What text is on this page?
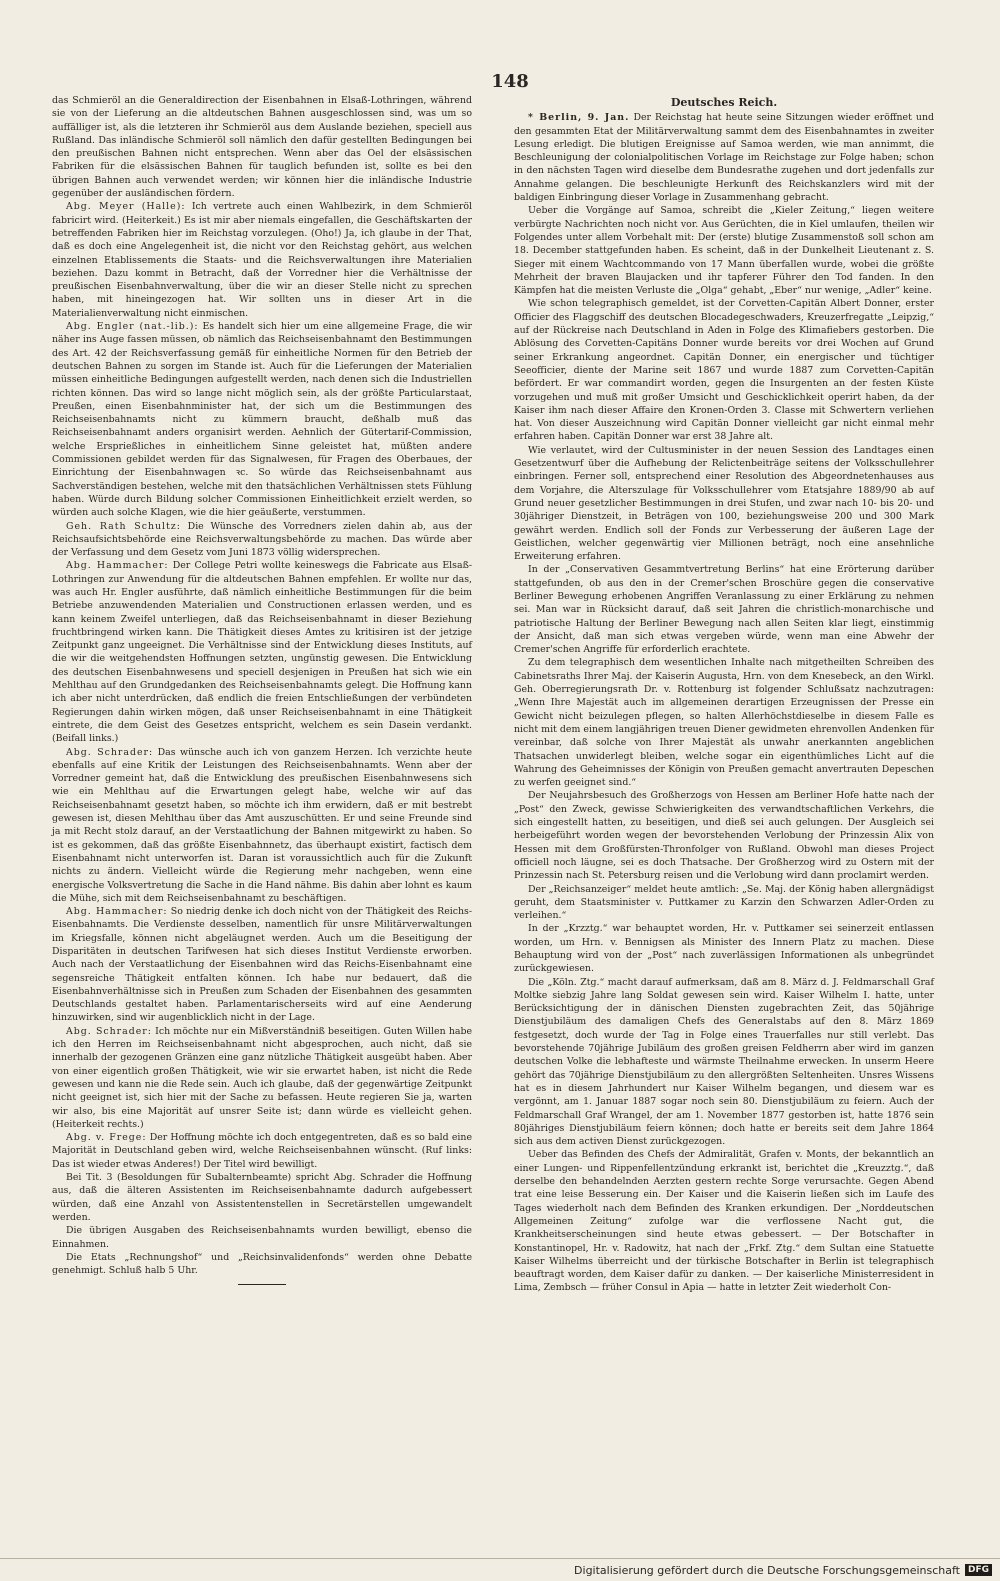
148

das Schmieröl an die Generaldirection der Eisenbahnen in Elsaß-Lothringen, während sie von der Lieferung an die altdeutschen Bahnen ausgeschlossen sind, was um so auffälliger ist, als die letzteren ihr Schmieröl aus dem Auslande beziehen, speciell aus Rußland. Das inländische Schmieröl soll nämlich den dafür gestellten Bedingungen bei den preußischen Bahnen nicht entsprechen. Wenn aber das Oel der elsässischen Fabriken für die elsässischen Bahnen für tauglich befunden ist, sollte es bei den übrigen Bahnen auch verwendet werden; wir können hier die inländische Industrie gegenüber der ausländischen fördern.

Abg. Meyer (Halle): Ich vertrete auch einen Wahlbezirk, in dem Schmieröl fabricirt wird. (Heiterkeit.) Es ist mir aber niemals eingefallen, die Geschäftskarten der betreffenden Fabriken hier im Reichstag vorzulegen. (Oho!) Ja, ich glaube in der That, daß es doch eine Angelegenheit ist, die nicht vor den Reichstag gehört, aus welchen einzelnen Etablissements die Staats- und die Reichsverwaltungen ihre Materialien beziehen. Dazu kommt in Betracht, daß der Vorredner hier die Verhältnisse der preußischen Eisenbahnverwaltung, über die wir an dieser Stelle nicht zu sprechen haben, mit hineingezogen hat. Wir sollten uns in dieser Art in die Materialienverwaltung nicht einmischen.

Abg. Engler (nat.-lib.): Es handelt sich hier um eine allgemeine Frage, die wir näher ins Auge fassen müssen, ob nämlich das Reichseisenbahnamt den Bestimmungen des Art. 42 der Reichsverfassung gemäß für einheitliche Normen für den Betrieb der deutschen Bahnen zu sorgen im Stande ist. Auch für die Lieferungen der Materialien müssen einheitliche Bedingungen aufgestellt werden, nach denen sich die Industriellen richten können. Das wird so lange nicht möglich sein, als der größte Particularstaat, Preußen, einen Eisenbahnminister hat, der sich um die Bestimmungen des Reichseisenbahnamts nicht zu kümmern braucht, deßhalb muß das Reichseisenbahnamt anders organisirt werden. Aehnlich der Gütertarif-Commission, welche Ersprießliches in einheitlichem Sinne geleistet hat, müßten andere Commissionen gebildet werden für das Signalwesen, für Fragen des Oberbaues, der Einrichtung der Eisenbahnwagen ꝛc. So würde das Reichseisenbahnamt aus Sachverständigen bestehen, welche mit den thatsächlichen Verhältnissen stets Fühlung haben. Würde durch Bildung solcher Commissionen Einheitlichkeit erzielt werden, so würden auch solche Klagen, wie die hier geäußerte, verstummen.

Geh. Rath Schultz: Die Wünsche des Vorredners zielen dahin ab, aus der Reichsaufsichtsbehörde eine Reichsverwaltungsbehörde zu machen. Das würde aber der Verfassung und dem Gesetz vom Juni 1873 völlig widersprechen.

Abg. Hammacher: Der College Petri wollte keineswegs die Fabricate aus Elsaß-Lothringen zur Anwendung für die altdeutschen Bahnen empfehlen. Er wollte nur das, was auch Hr. Engler ausführte, daß nämlich einheitliche Bestimmungen für die beim Betriebe anzuwendenden Materialien und Constructionen erlassen werden, und es kann keinem Zweifel unterliegen, daß das Reichseisenbahnamt in dieser Beziehung fruchtbringend wirken kann. Die Thätigkeit dieses Amtes zu kritisiren ist der jetzige Zeitpunkt ganz ungeeignet. Die Verhältnisse sind der Entwicklung dieses Instituts, auf die wir die weitgehendsten Hoffnungen setzten, ungünstig gewesen. Die Entwicklung des deutschen Eisenbahnwesens und speciell desjenigen in Preußen hat sich wie ein Mehlthau auf den Grundgedanken des Reichseisenbahnamts gelegt. Die Hoffnung kann ich aber nicht unterdrücken, daß endlich die freien Entschließungen der verbündeten Regierungen dahin wirken mögen, daß unser Reichseisenbahnamt in eine Thätigkeit eintrete, die dem Geist des Gesetzes entspricht, welchem es sein Dasein verdankt. (Beifall links.)

Abg. Schrader: Das wünsche auch ich von ganzem Herzen. Ich verzichte heute ebenfalls auf eine Kritik der Leistungen des Reichseisenbahnamts. Wenn aber der Vorredner gemeint hat, daß die Entwicklung des preußischen Eisenbahnwesens sich wie ein Mehlthau auf die Erwartungen gelegt habe, welche wir auf das Reichseisenbahnamt gesetzt haben, so möchte ich ihm erwidern, daß er mit bestrebt gewesen ist, diesen Mehlthau über das Amt auszuschütten. Er und seine Freunde sind ja mit Recht stolz darauf, an der Verstaatlichung der Bahnen mitgewirkt zu haben. So ist es gekommen, daß das größte Eisenbahnnetz, das überhaupt existirt, factisch dem Eisenbahnamt nicht unterworfen ist. Daran ist voraussichtlich auch für die Zukunft nichts zu ändern. Vielleicht würde die Regierung mehr nachgeben, wenn eine energische Volksvertretung die Sache in die Hand nähme. Bis dahin aber lohnt es kaum die Mühe, sich mit dem Reichseisenbahnamt zu beschäftigen.

Abg. Hammacher: So niedrig denke ich doch nicht von der Thätigkeit des Reichs-Eisenbahnamts. Die Verdienste desselben, namentlich für unsre Militärverwaltungen im Kriegsfalle, können nicht abgeläugnet werden. Auch um die Beseitigung der Disparitäten in deutschen Tarifwesen hat sich dieses Institut Verdienste erworben. Auch nach der Verstaatlichung der Eisenbahnen wird das Reichs-Eisenbahnamt eine segensreiche Thätigkeit entfalten können. Ich habe nur bedauert, daß die Eisenbahnverhältnisse sich in Preußen zum Schaden der Eisenbahnen des gesammten Deutschlands gestaltet haben. Parlamentarischerseits wird auf eine Aenderung hinzuwirken, sind wir augenblicklich nicht in der Lage.

Abg. Schrader: Ich möchte nur ein Mißverständniß beseitigen. Guten Willen habe ich den Herren im Reichseisenbahnamt nicht abgesprochen, auch nicht, daß sie innerhalb der gezogenen Gränzen eine ganz nützliche Thätigkeit ausgeübt haben. Aber von einer eigentlich großen Thätigkeit, wie wir sie erwartet haben, ist nicht die Rede gewesen und kann nie die Rede sein. Auch ich glaube, daß der gegenwärtige Zeitpunkt nicht geeignet ist, sich hier mit der Sache zu befassen. Heute regieren Sie ja, warten wir also, bis eine Majorität auf unsrer Seite ist; dann würde es vielleicht gehen. (Heiterkeit rechts.)

Abg. v. Frege: Der Hoffnung möchte ich doch entgegentreten, daß es so bald eine Majorität in Deutschland geben wird, welche Reichseisenbahnen wünscht. (Ruf links: Das ist wieder etwas Anderes!) Der Titel wird bewilligt.

Bei Tit. 3 (Besoldungen für Subalternbeamte) spricht Abg. Schrader die Hoffnung aus, daß die älteren Assistenten im Reichseisenbahnamte dadurch aufgebessert würden, daß eine Anzahl von Assistentenstellen in Secretärstellen umgewandelt werden.

Die übrigen Ausgaben des Reichseisenbahnamts wurden bewilligt, ebenso die Einnahmen.

Die Etats „Rechnungshof“ und „Reichsinvalidenfonds“ werden ohne Debatte genehmigt. Schluß halb 5 Uhr.

Deutsches Reich.

* Berlin, 9. Jan. Der Reichstag hat heute seine Sitzungen wieder eröffnet und den gesammten Etat der Militärverwaltung sammt dem des Eisenbahnamtes in zweiter Lesung erledigt. Die blutigen Ereignisse auf Samoa werden, wie man annimmt, die Beschleunigung der colonialpolitischen Vorlage im Reichstage zur Folge haben; schon in den nächsten Tagen wird dieselbe dem Bundesrathe zugehen und dort jedenfalls zur Annahme gelangen. Die beschleunigte Herkunft des Reichskanzlers wird mit der baldigen Einbringung dieser Vorlage in Zusammenhang gebracht.

Ueber die Vorgänge auf Samoa, schreibt die „Kieler Zeitung,“ liegen weitere verbürgte Nachrichten noch nicht vor. Aus Gerüchten, die in Kiel umlaufen, theilen wir Folgendes unter allem Vorbehalt mit: Der (erste) blutige Zusammenstoß soll schon am 18. December stattgefunden haben. Es scheint, daß in der Dunkelheit Lieutenant z. S. Sieger mit einem Wachtcommando von 17 Mann überfallen wurde, wobei die größte Mehrheit der braven Blaujacken und ihr tapferer Führer den Tod fanden. In den Kämpfen hat die meisten Verluste die „Olga“ gehabt, „Eber“ nur wenige, „Adler“ keine.

Wie schon telegraphisch gemeldet, ist der Corvetten-Capitän Albert Donner, erster Officier des Flaggschiff des deutschen Blocadegeschwaders, Kreuzerfregatte „Leipzig,“ auf der Rückreise nach Deutschland in Aden in Folge des Klimafiebers gestorben. Die Ablösung des Corvetten-Capitäns Donner wurde bereits vor drei Wochen auf Grund seiner Erkrankung angeordnet. Capitän Donner, ein energischer und tüchtiger Seeofficier, diente der Marine seit 1867 und wurde 1887 zum Corvetten-Capitän befördert. Er war commandirt worden, gegen die Insurgenten an der festen Küste vorzugehen und muß mit großer Umsicht und Geschicklichkeit operirt haben, da der Kaiser ihm nach dieser Affaire den Kronen-Orden 3. Classe mit Schwertern verliehen hat. Von dieser Auszeichnung wird Capitän Donner vielleicht gar nicht einmal mehr erfahren haben. Capitän Donner war erst 38 Jahre alt.

Wie verlautet, wird der Cultusminister in der neuen Session des Landtages einen Gesetzentwurf über die Aufhebung der Relictenbeiträge seitens der Volksschullehrer einbringen. Ferner soll, entsprechend einer Resolution des Abgeordnetenhauses aus dem Vorjahre, die Alterszulage für Volksschullehrer vom Etatsjahre 1889/90 ab auf Grund neuer gesetzlicher Bestimmungen in drei Stufen, und zwar nach 10- bis 20- und 30jähriger Dienstzeit, in Beträgen von 100, beziehungsweise 200 und 300 Mark gewährt werden. Endlich soll der Fonds zur Verbesserung der äußeren Lage der Geistlichen, welcher gegenwärtig vier Millionen beträgt, noch eine ansehnliche Erweiterung erfahren.

In der „Conservativen Gesammtvertretung Berlins“ hat eine Erörterung darüber stattgefunden, ob aus den in der Cremer'schen Broschüre gegen die conservative Berliner Bewegung erhobenen Angriffen Veranlassung zu einer Erklärung zu nehmen sei. Man war in Rücksicht darauf, daß seit Jahren die christlich-monarchische und patriotische Haltung der Berliner Bewegung nach allen Seiten klar liegt, einstimmig der Ansicht, daß man sich etwas vergeben würde, wenn man eine Abwehr der Cremer'schen Angriffe für erforderlich erachtete.

Zu dem telegraphisch dem wesentlichen Inhalte nach mitgetheilten Schreiben des Cabinetsraths Ihrer Maj. der Kaiserin Augusta, Hrn. von dem Knesebeck, an den Wirkl. Geh. Oberregierungsrath Dr. v. Rottenburg ist folgender Schlußsatz nachzutragen: „Wenn Ihre Majestät auch im allgemeinen derartigen Erzeugnissen der Presse ein Gewicht nicht beizulegen pflegen, so halten Allerhöchstdieselbe in diesem Falle es nicht mit dem einem langjährigen treuen Diener gewidmeten ehrenvollen Andenken für vereinbar, daß solche von Ihrer Majestät als unwahr anerkannten angeblichen Thatsachen unwiderlegt bleiben, welche sogar ein eigenthümliches Licht auf die Wahrung des Geheimnisses der Königin von Preußen gemacht anvertrauten Depeschen zu werfen geeignet sind.“

Der Neujahrsbesuch des Großherzogs von Hessen am Berliner Hofe hatte nach der „Post“ den Zweck, gewisse Schwierigkeiten des verwandtschaftlichen Verkehrs, die sich eingestellt hatten, zu beseitigen, und dieß sei auch gelungen. Der Ausgleich sei herbeigeführt worden wegen der bevorstehenden Verlobung der Prinzessin Alix von Hessen mit dem Großfürsten-Thronfolger von Rußland. Obwohl man dieses Project officiell noch läugne, sei es doch Thatsache. Der Großherzog wird zu Ostern mit der Prinzessin nach St. Petersburg reisen und die Verlobung wird dann proclamirt werden.

Der „Reichsanzeiger“ meldet heute amtlich: „Se. Maj. der König haben allergnädigst geruht, dem Staatsminister v. Puttkamer zu Karzin den Schwarzen Adler-Orden zu verleihen.“

In der „Krzztg.“ war behauptet worden, Hr. v. Puttkamer sei seinerzeit entlassen worden, um Hrn. v. Bennigsen als Minister des Innern Platz zu machen. Diese Behauptung wird von der „Post“ nach zuverlässigen Informationen als unbegründet zurückgewiesen.

Die „Köln. Ztg.“ macht darauf aufmerksam, daß am 8. März d. J. Feldmarschall Graf Moltke siebzig Jahre lang Soldat gewesen sein wird. Kaiser Wilhelm I. hatte, unter Berücksichtigung der in dänischen Diensten zugebrachten Zeit, das 50jährige Dienstjubiläum des damaligen Chefs des Generalstabs auf den 8. März 1869 festgesetzt, doch wurde der Tag in Folge eines Trauerfalles nur still verlebt. Das bevorstehende 70jährige Jubiläum des großen greisen Feldherrn aber wird im ganzen deutschen Volke die lebhafteste und wärmste Theilnahme erwecken. In unserm Heere gehört das 70jährige Dienstjubiläum zu den allergrößten Seltenheiten. Unsres Wissens hat es in diesem Jahrhundert nur Kaiser Wilhelm begangen, und diesem war es vergönnt, am 1. Januar 1887 sogar noch sein 80. Dienstjubiläum zu feiern. Auch der Feldmarschall Graf Wrangel, der am 1. November 1877 gestorben ist, hatte 1876 sein 80jähriges Dienstjubiläum feiern können; doch hatte er bereits seit dem Jahre 1864 sich aus dem activen Dienst zurückgezogen.

Ueber das Befinden des Chefs der Admiralität, Grafen v. Monts, der bekanntlich an einer Lungen- und Rippenfellentzündung erkrankt ist, berichtet die „Kreuzztg.“, daß derselbe den behandelnden Aerzten gestern rechte Sorge verursachte. Gegen Abend trat eine leise Besserung ein. Der Kaiser und die Kaiserin ließen sich im Laufe des Tages wiederholt nach dem Befinden des Kranken erkundigen. Der „Norddeutschen Allgemeinen Zeitung“ zufolge war die verflossene Nacht gut, die Krankheitserscheinungen sind heute etwas gebessert. — Der Botschafter in Konstantinopel, Hr. v. Radowitz, hat nach der „Frkf. Ztg.“ dem Sultan eine Statuette Kaiser Wilhelms überreicht und der türkische Botschafter in Berlin ist telegraphisch beauftragt worden, dem Kaiser dafür zu danken. — Der kaiserliche Ministerresident in Lima, Zembsch — früher Consul in Apia — hatte in letzter Zeit wiederholt Con-

Digitalisierung gefördert durch die Deutsche Forschungsgemeinschaft DFG
